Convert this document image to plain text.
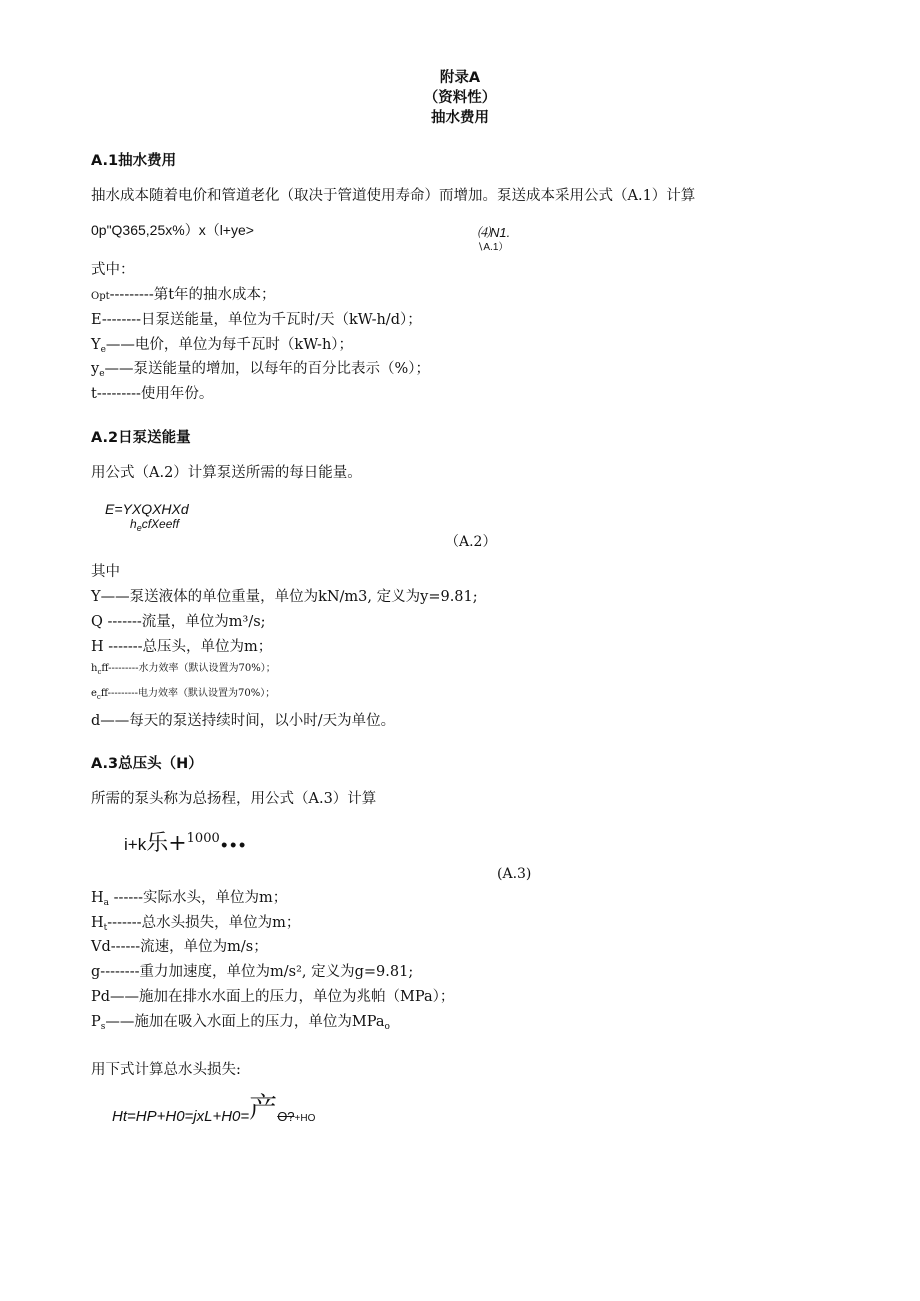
附录A
（资料性）
抽水费用
A.1抽水费用
抽水成本随着电价和管道老化（取决于管道使用寿命）而增加。泵送成本采用公式（A.1）计算
0p"Q365,25x%）x（l+ye>	⑷N1.
∖A.1）
式中：
Opt---------第t年的抽水成本；
E--------日泵送能量，单位为千瓦时/天（kW-h/d）；
$Y_e——$电价，单位为每千瓦时（kW-h）；
$y_e——$泵送能量的增加，以每年的百分比表示（%）；
t---------使用年份。
A.2日泵送能量
用公式（A.2）计算泵送所需的每日能量。
E=YXQXHXd
$h_ecfXeeff$
（A.2）
其中
Y——泵送液体的单位重量，单位为kN∕m3, 定义为y=9.81;
Q -------流量，单位为m³/s;
H -------总压头，单位为m；
$h_cff---------$水力效率（默认设置为70%）；
$e_cff---------$电力效率（默认设置为70%）；
d——每天的泵送持续时间，以小时/天为单位。
A.3总压头（H）
所需的泵头称为总扬程，用公式（A.3）计算
i+k乐+$^{1000}$•••
(A.3)
$H_a$ ------实际水头，单位为m；
$H_t-------$总水头损失，单位为m；
Vd------流速，单位为m/s；
g--------重力加速度，单位为m/s², 定义为g=9.81;
Pd——施加在排水水面上的压力，单位为兆帕（MPa）；
$P_s——$施加在吸入水面上的压力，单位为MPa$_o$
用下式计算总水头损失:
Ht=HP+H0=jxL+H0=产O?+HO
